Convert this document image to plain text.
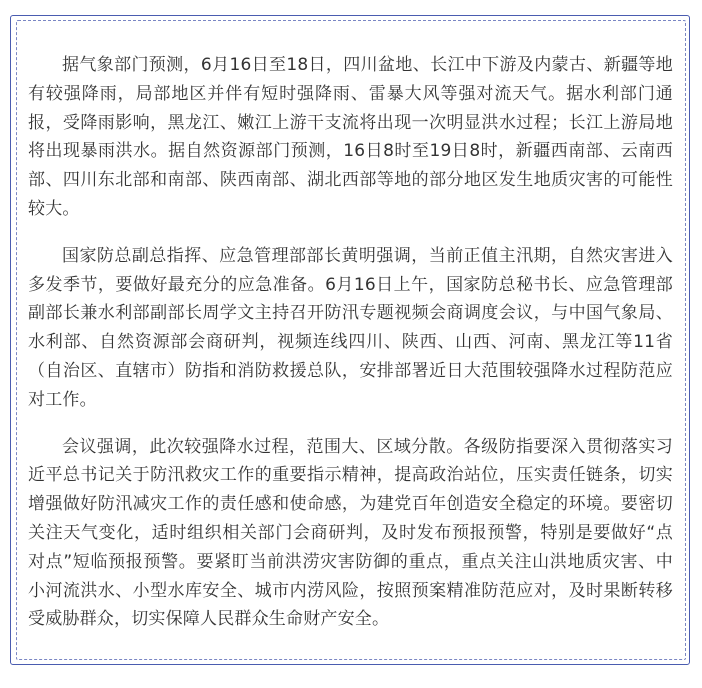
据气象部门预测，6月16日至18日，四川盆地、长江中下游及内蒙古、新疆等地有较强降雨，局部地区并伴有短时强降雨、雷暴大风等强对流天气。据水利部门通报，受降雨影响，黑龙江、嫩江上游干支流将出现一次明显洪水过程；长江上游局地将出现暴雨洪水。据自然资源部门预测，16日8时至19日8时，新疆西南部、云南西部、四川东北部和南部、陕西南部、湖北西部等地的部分地区发生地质灾害的可能性较大。

国家防总副总指挥、应急管理部部长黄明强调，当前正值主汛期，自然灾害进入多发季节，要做好最充分的应急准备。6月16日上午，国家防总秘书长、应急管理部副部长兼水利部副部长周学文主持召开防汛专题视频会商调度会议，与中国气象局、水利部、自然资源部会商研判，视频连线四川、陕西、山西、河南、黑龙江等11省（自治区、直辖市）防指和消防救援总队，安排部署近日大范围较强降水过程防范应对工作。

会议强调，此次较强降水过程，范围大、区域分散。各级防指要深入贯彻落实习近平总书记关于防汛救灾工作的重要指示精神，提高政治站位，压实责任链条，切实增强做好防汛减灾工作的责任感和使命感，为建党百年创造安全稳定的环境。要密切关注天气变化，适时组织相关部门会商研判，及时发布预报预警，特别是要做好“点对点”短临预报预警。要紧盯当前洪涝灾害防御的重点，重点关注山洪地质灾害、中小河流洪水、小型水库安全、城市内涝风险，按照预案精准防范应对，及时果断转移受威胁群众，切实保障人民群众生命财产安全。
